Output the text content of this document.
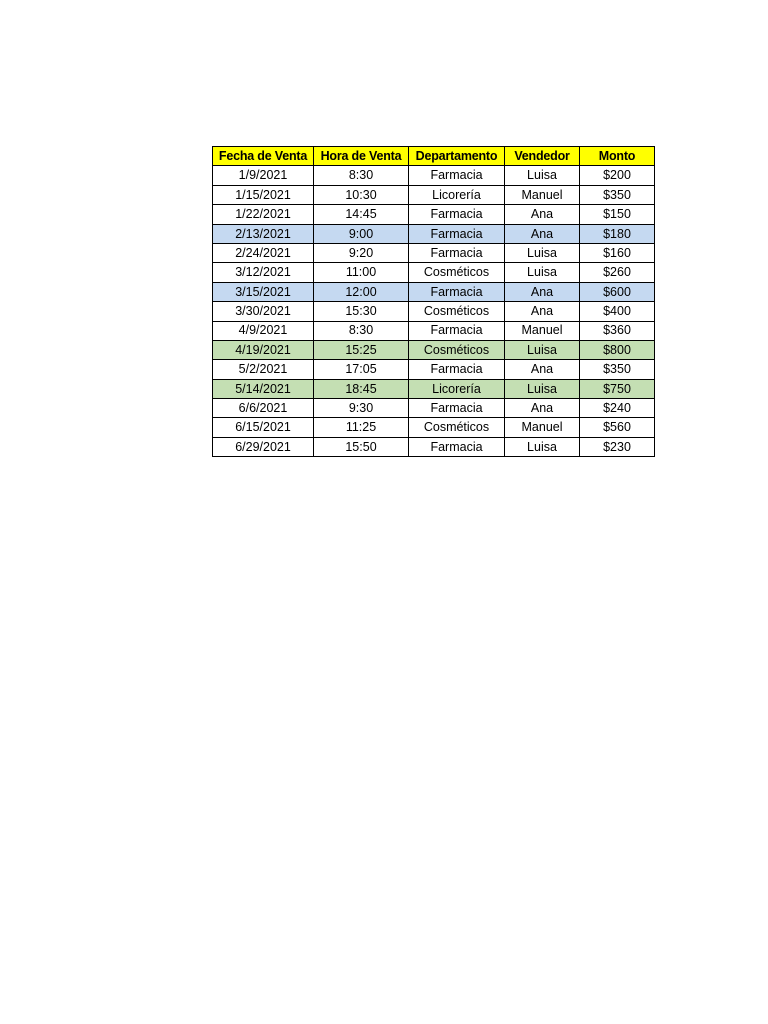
Fecha de Venta	Hora de Venta	Departamento	Vendedor	Monto
1/9/2021	8:30	Farmacia	Luisa	$200
1/15/2021	10:30	Licorería	Manuel	$350
1/22/2021	14:45	Farmacia	Ana	$150
2/13/2021	9:00	Farmacia	Ana	$180
2/24/2021	9:20	Farmacia	Luisa	$160
3/12/2021	11:00	Cosméticos	Luisa	$260
3/15/2021	12:00	Farmacia	Ana	$600
3/30/2021	15:30	Cosméticos	Ana	$400
4/9/2021	8:30	Farmacia	Manuel	$360
4/19/2021	15:25	Cosméticos	Luisa	$800
5/2/2021	17:05	Farmacia	Ana	$350
5/14/2021	18:45	Licorería	Luisa	$750
6/6/2021	9:30	Farmacia	Ana	$240
6/15/2021	11:25	Cosméticos	Manuel	$560
6/29/2021	15:50	Farmacia	Luisa	$230
